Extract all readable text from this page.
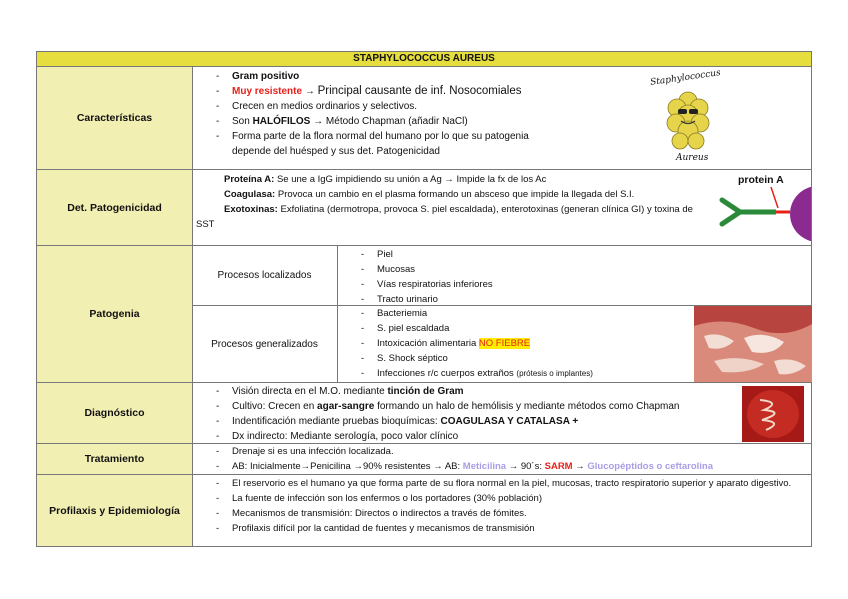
STAPHYLOCOCCUS AUREUS
Características
- Gram positivo
- Muy resistente → Principal causante de inf. Nosocomiales
- Crecen en medios ordinarios y selectivos.
- Son HALÓFILOS → Método Chapman (añadir NaCl)
- Forma parte de la flora normal del humano por lo que su patogenia depende del huésped y sus det. Patogenicidad
Staphylococcus
Aureus
Det. Patogenicidad
Proteína A: Se une a IgG impidiendo su unión a Ag → Impide la fx de los Ac
Coagulasa: Provoca un cambio en el plasma formando un absceso que impide la llegada del S.I.
Exotoxinas: Exfoliatina (dermotropa, provoca S. piel escaldada), enterotoxinas (generan clínica GI) y toxina de SST
protein A
Patogenia
Procesos localizados
- Piel
- Mucosas
- Vías respiratorias inferiores
- Tracto urinario
Procesos generalizados
- Bacteriemia
- S. piel escaldada
- Intoxicación alimentaria NO FIEBRE
- S. Shock séptico
- Infecciones r/c cuerpos extraños (prótesis o implantes)
Diagnóstico
- Visión directa en el M.O. mediante tinción de Gram
- Cultivo: Crecen en agar-sangre formando un halo de hemólisis y mediante métodos como Chapman
- Indentificación mediante pruebas bioquímicas: COAGULASA Y CATALASA +
- Dx indirecto: Mediante serología, poco valor clínico
Tratamiento
- Drenaje si es una infección localizada.
- AB: Inicialmente→Penicilina →90% resistentes → AB: Meticilina → 90´s: SARM → Glucopéptidos o ceftarolina
Profilaxis y Epidemiología
- El reservorio es el humano ya que forma parte de su flora normal en la piel, mucosas, tracto respiratorio superior y aparato digestivo.
- La fuente de infección son los enfermos o los portadores (30% población)
- Mecanismos de transmisión: Directos o indirectos a través de fómites.
- Profilaxis difícil por la cantidad de fuentes y mecanismos de transmisión
